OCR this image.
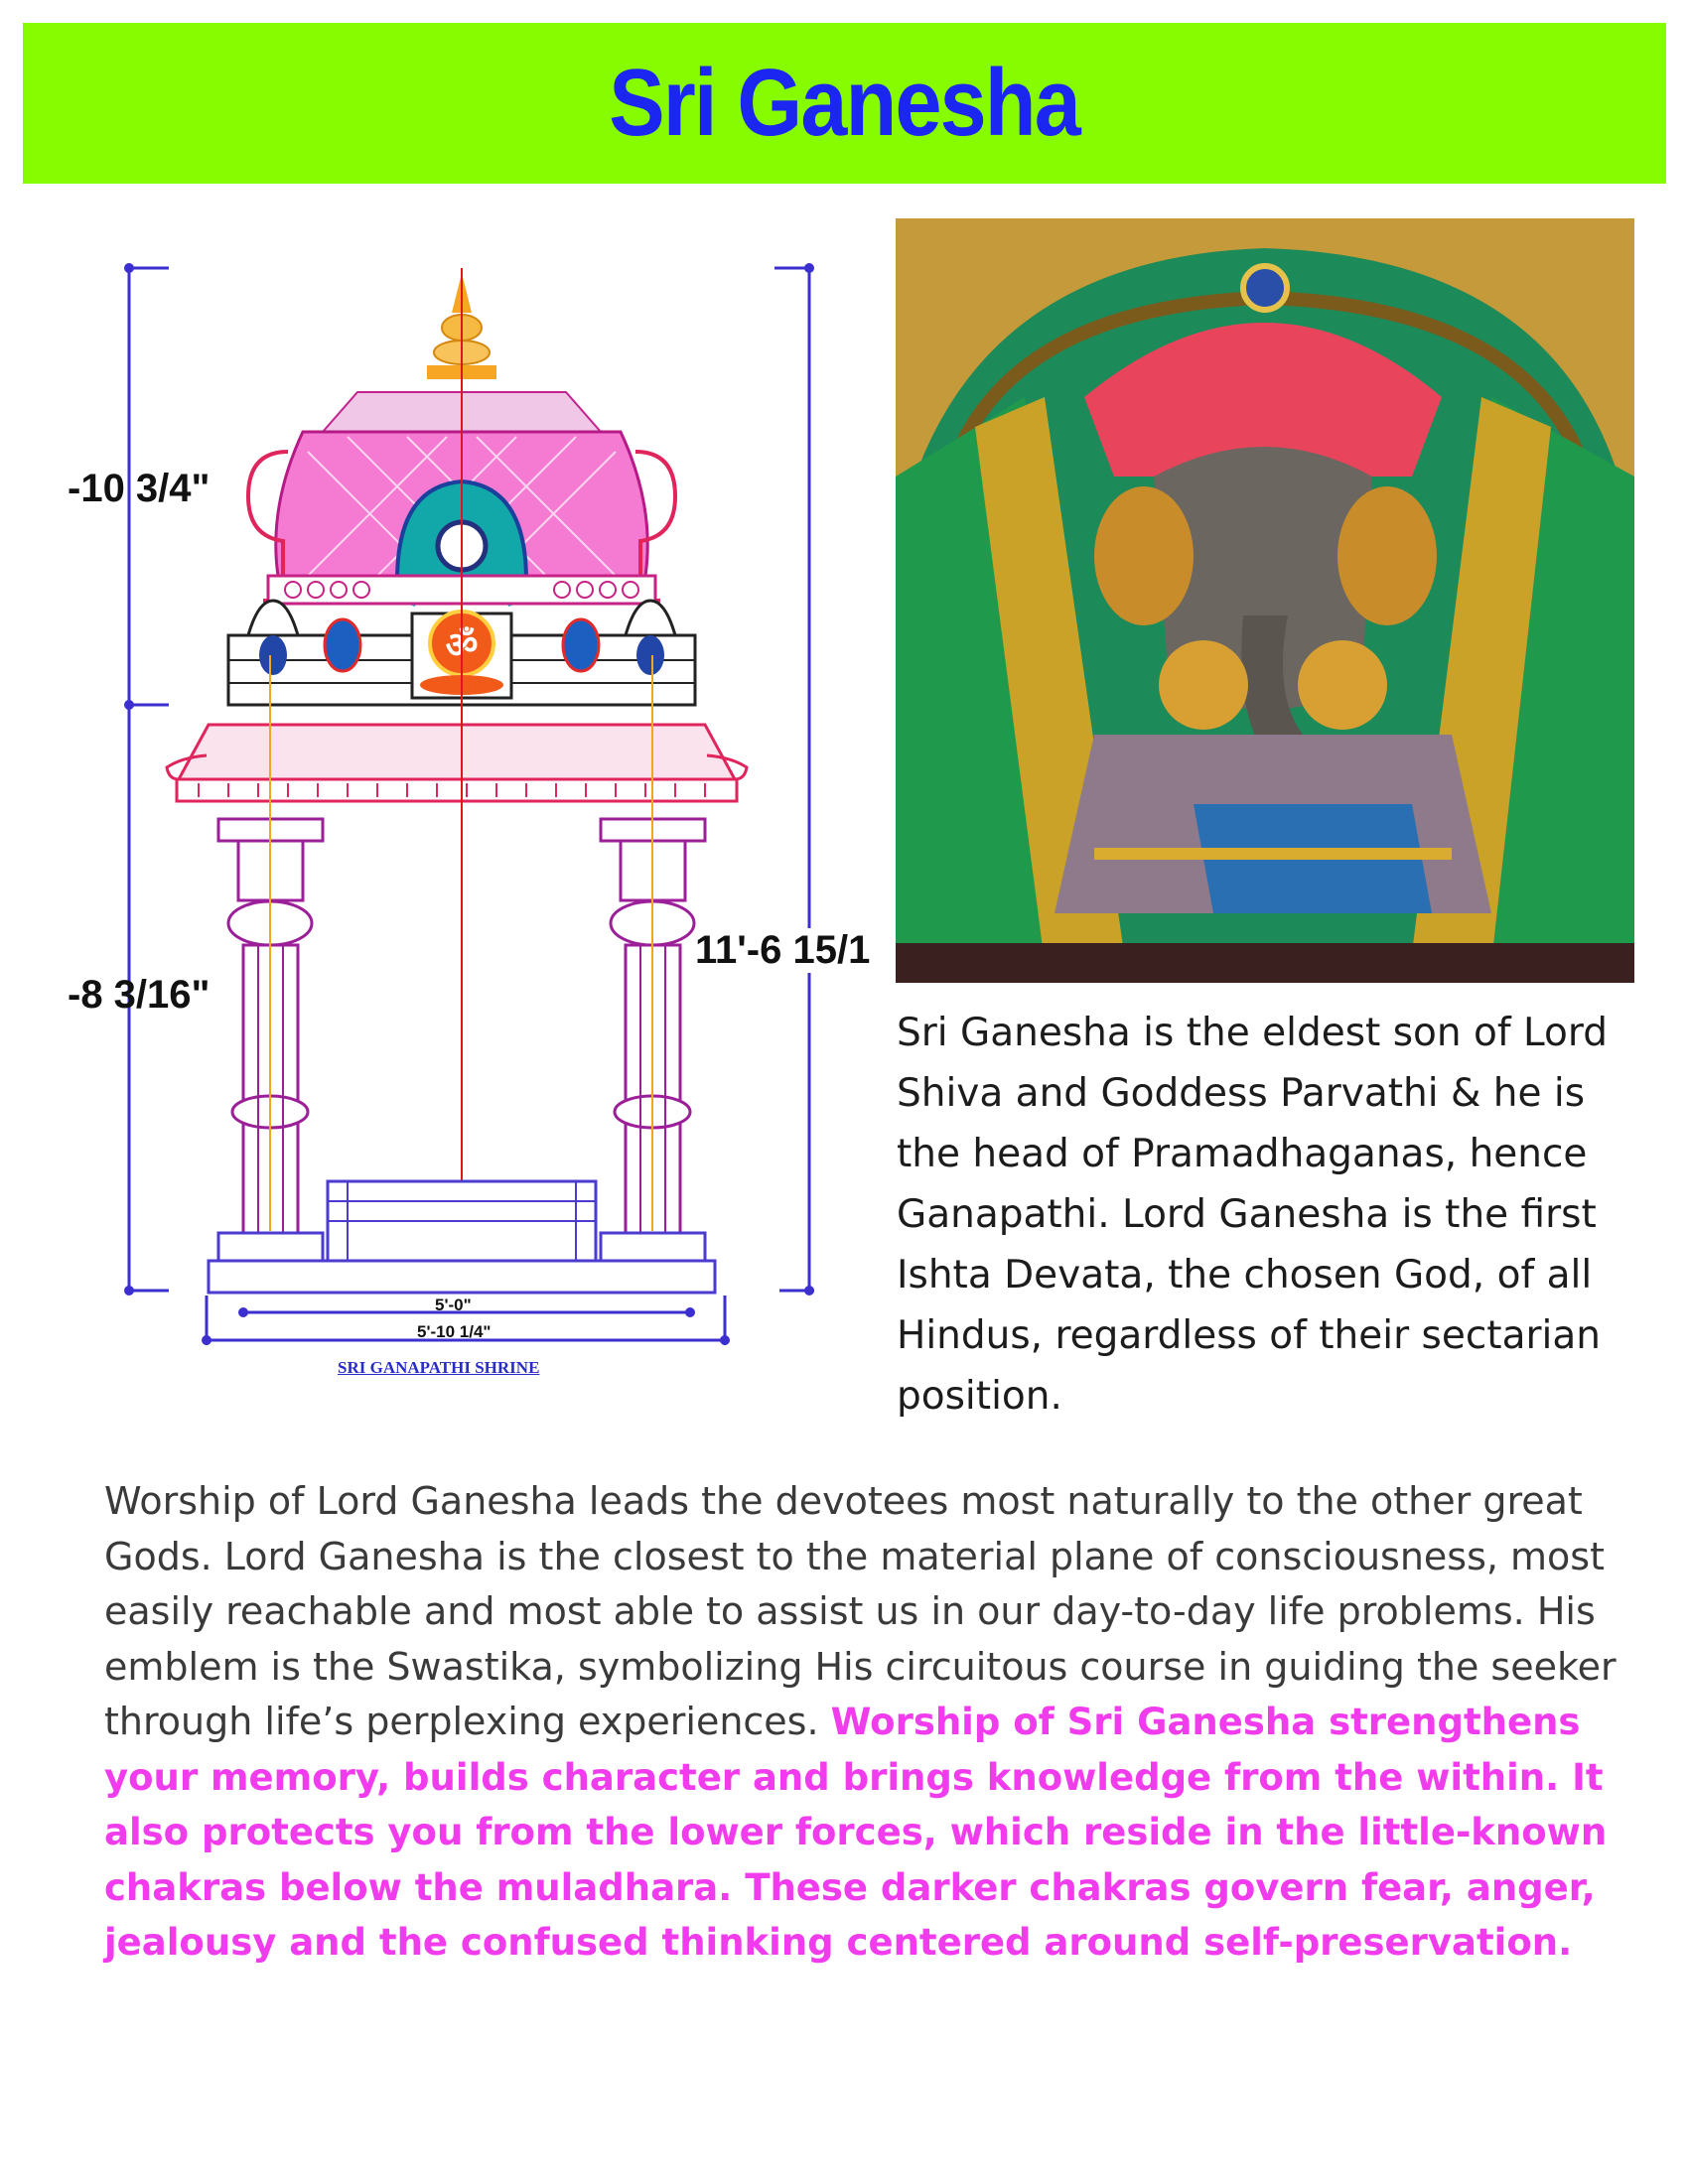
Sri Ganesha
ॐ
-10 3/4"
-8 3/16"
11'-6 15/1
5'-0"
5'-10 1/4"
SRI GANAPATHI SHRINE

Sri Ganesha is the eldest son of Lord Shiva and Goddess Parvathi & he is the head of Pramadhaganas, hence Ganapathi. Lord Ganesha is the first Ishta Devata, the chosen God, of all Hindus, regardless of their sectarian position.

Worship of Lord Ganesha leads the devotees most naturally to the other great Gods. Lord Ganesha is the closest to the material plane of consciousness, most easily reachable and most able to assist us in our day-to-day life problems. His emblem is the Swastika, symbolizing His circuitous course in guiding the seeker through life’s perplexing experiences. Worship of Sri Ganesha strengthens your memory, builds character and brings knowledge from the within. It also protects you from the lower forces, which reside in the little-known chakras below the muladhara. These darker chakras govern fear, anger, jealousy and the confused thinking centered around self-preservation.
